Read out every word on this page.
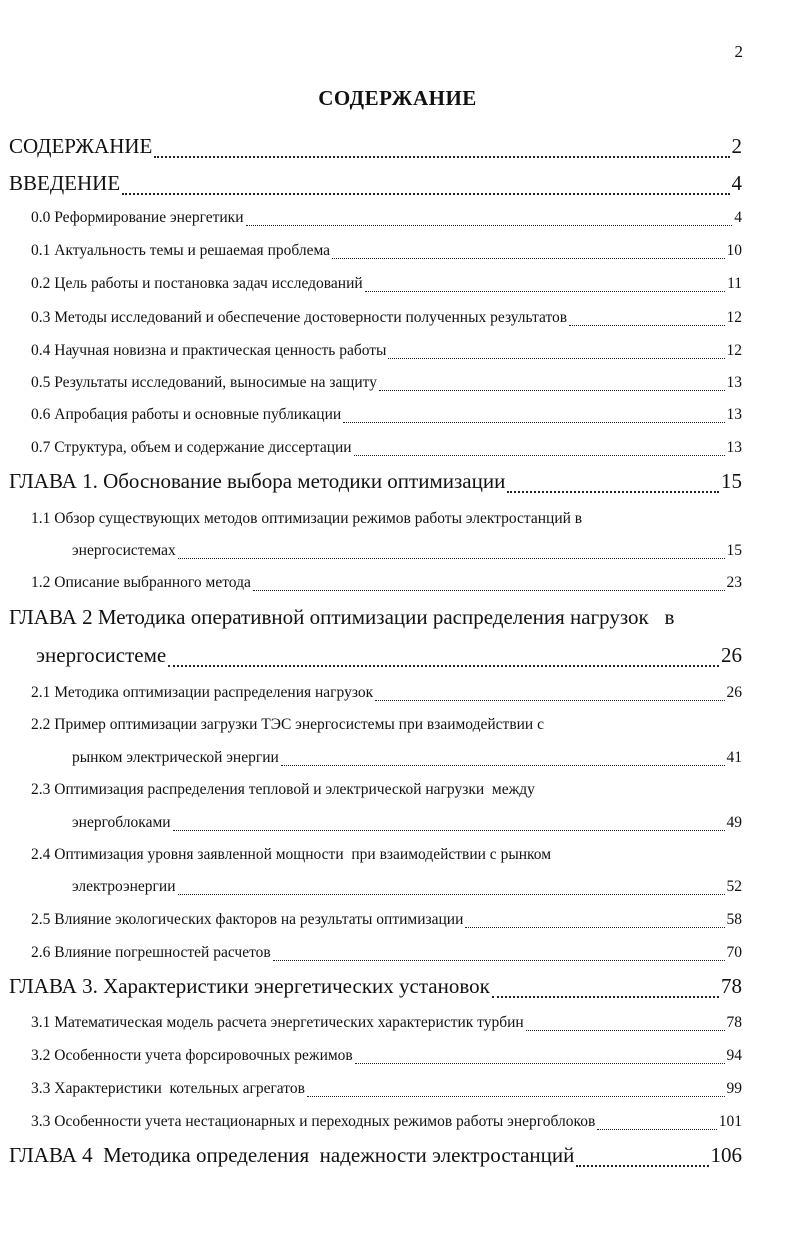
2
СОДЕРЖАНИЕ
СОДЕРЖАНИЕ	2
ВВЕДЕНИЕ	4
0.0 Реформирование энергетики	4
0.1 Актуальность темы и решаемая проблема	10
0.2 Цель работы и постановка задач исследований	11
0.3 Методы исследований и обеспечение достоверности полученных результатов	12
0.4 Научная новизна и практическая ценность работы	12
0.5 Результаты исследований, выносимые на защиту	13
0.6 Апробация работы и основные публикации	13
0.7 Структура, объем и содержание диссертации	13
ГЛАВА 1. Обоснование выбора методики оптимизации	15
1.1 Обзор существующих методов оптимизации режимов работы электростанций в
энергосистемах	15
1.2 Описание выбранного метода	23
ГЛАВА 2 Методика оперативной оптимизации распределения нагрузок   в
энергосистеме	26
2.1 Методика оптимизации распределения нагрузок	26
2.2 Пример оптимизации загрузки ТЭС энергосистемы при взаимодействии с
рынком электрической энергии	41
2.3 Оптимизация распределения тепловой и электрической нагрузки  между
энергоблоками	49
2.4 Оптимизация уровня заявленной мощности  при взаимодействии с рынком
электроэнергии	52
2.5 Влияние экологических факторов на результаты оптимизации	58
2.6 Влияние погрешностей расчетов	70
ГЛАВА 3. Характеристики энергетических установок	78
3.1 Математическая модель расчета энергетических характеристик турбин	78
3.2 Особенности учета форсировочных режимов	94
3.3 Характеристики  котельных агрегатов	99
3.3 Особенности учета нестационарных и переходных режимов работы энергоблоков	101
ГЛАВА 4  Методика определения  надежности электростанций	106
